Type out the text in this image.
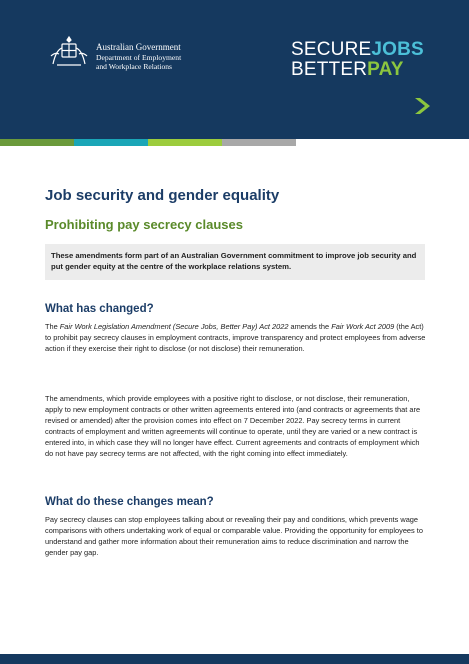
Australian Government
Department of Employment
and Workplace Relations
SECUREJOBS
BETTERPAY
Job security and gender equality
Prohibiting pay secrecy clauses
These amendments form part of an Australian Government commitment to improve job security and put gender equity at the centre of the workplace relations system.
What has changed?

The Fair Work Legislation Amendment (Secure Jobs, Better Pay) Act 2022 amends the Fair Work Act 2009 (the Act) to prohibit pay secrecy clauses in employment contracts, improve transparency and protect employees from adverse action if they exercise their right to disclose (or not disclose) their remuneration.

The amendments, which provide employees with a positive right to disclose, or not disclose, their remuneration, apply to new employment contracts or other written agreements entered into (and contracts or agreements that are revised or amended) after the provision comes into effect on 7 December 2022. Pay secrecy terms in current contracts of employment and written agreements will continue to operate, until they are varied or a new contract is entered into, in which case they will no longer have effect. Current agreements and contracts of employment which do not have pay secrecy terms are not affected, with the right coming into effect immediately.

What do these changes mean?

Pay secrecy clauses can stop employees talking about or revealing their pay and conditions, which prevents wage comparisons with others undertaking work of equal or comparable value. Providing the opportunity for employees to understand and gather more information about their remuneration aims to reduce discrimination and narrow the gender pay gap.
